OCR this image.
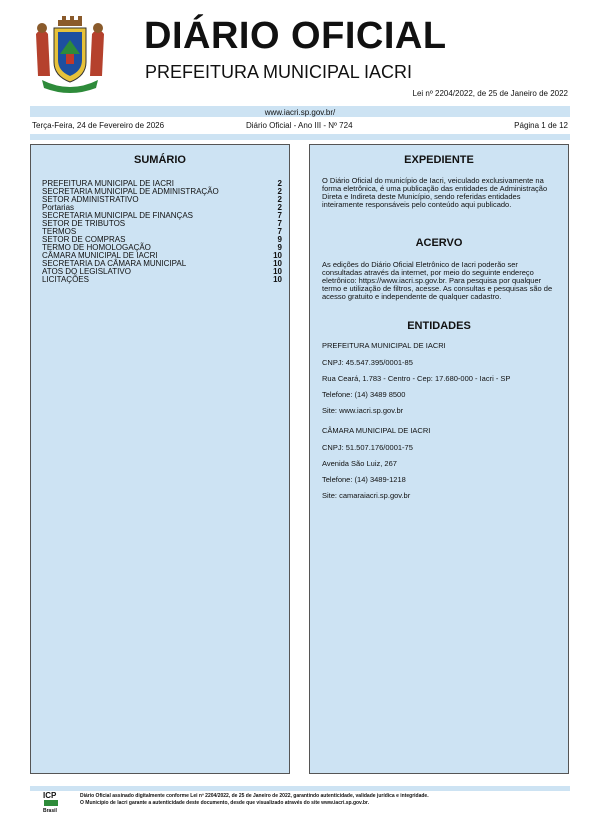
DIÁRIO OFICIAL
PREFEITURA MUNICIPAL IACRI
Lei nº 2204/2022, de 25 de Janeiro de 2022
www.iacri.sp.gov.br/
Terça-Feira, 24 de Fevereiro de 2026	Diário Oficial - Ano III - Nº 724	Página 1 de 12
SUMÁRIO
PREFEITURA MUNICIPAL DE IACRI	2
SECRETARIA MUNICIPAL DE ADMINISTRAÇÃO	2
SETOR ADMINISTRATIVO	2
Portarias	2
SECRETARIA MUNICIPAL DE FINANÇAS	7
SETOR DE TRIBUTOS	7
TERMOS	7
SETOR DE COMPRAS	9
TERMO DE HOMOLOGAÇÃO	9
CÂMARA MUNICIPAL DE IACRI	10
SECRETARIA DA CÂMARA MUNICIPAL	10
ATOS DO LEGISLATIVO	10
LICITAÇÕES	10
EXPEDIENTE
O Diário Oficial do município de Iacri, veiculado exclusivamente na forma eletrônica, é uma publicação das entidades de Administração Direta e Indireta deste Município, sendo referidas entidades inteiramente responsáveis pelo conteúdo aqui publicado.
ACERVO
As edições do Diário Oficial Eletrônico de Iacri poderão ser consultadas através da internet, por meio do seguinte endereço eletrônico: https://www.iacri.sp.gov.br. Para pesquisa por qualquer termo e utilização de filtros, acesse. As consultas e pesquisas são de acesso gratuito e independente de qualquer cadastro.
ENTIDADES
PREFEITURA MUNICIPAL DE IACRI
CNPJ: 45.547.395/0001-85
Rua Ceará, 1.783 - Centro - Cep: 17.680-000 - Iacri - SP
Telefone: (14) 3489 8500
Site: www.iacri.sp.gov.br
CÂMARA MUNICIPAL DE IACRI
CNPJ: 51.507.176/0001-75
Avenida São Luiz, 267
Telefone: (14) 3489-1218
Site: camaraiacri.sp.gov.br
ICP
Brasil
Diário Oficial assinado digitalmente conforme Lei nº 2204/2022, de 25 de Janeiro de 2022, garantindo autenticidade, validade jurídica e integridade.
O Município de Iacri garante a autenticidade deste documento, desde que visualizado através do site www.iacri.sp.gov.br.
